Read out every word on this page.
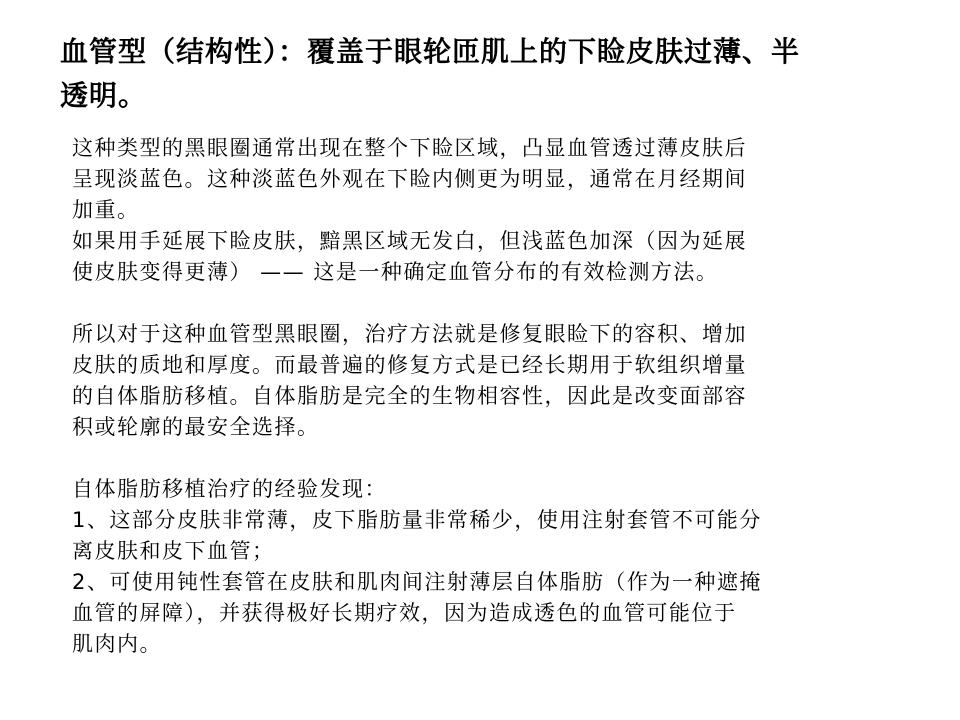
血管型（结构性）：覆盖于眼轮匝肌上的下睑皮肤过薄、半
透明。
这种类型的黑眼圈通常出现在整个下睑区域，凸显血管透过薄皮肤后
呈现淡蓝色。这种淡蓝色外观在下睑内侧更为明显，通常在月经期间
加重。
如果用手延展下睑皮肤，黯黑区域无发白，但浅蓝色加深（因为延展
使皮肤变得更薄） —— 这是一种确定血管分布的有效检测方法。
所以对于这种血管型黑眼圈，治疗方法就是修复眼睑下的容积、增加
皮肤的质地和厚度。而最普遍的修复方式是已经长期用于软组织增量
的自体脂肪移植。自体脂肪是完全的生物相容性，因此是改变面部容
积或轮廓的最安全选择。
自体脂肪移植治疗的经验发现：
1、这部分皮肤非常薄，皮下脂肪量非常稀少，使用注射套管不可能分
离皮肤和皮下血管；
2、可使用钝性套管在皮肤和肌肉间注射薄层自体脂肪（作为一种遮掩
血管的屏障），并获得极好长期疗效，因为造成透色的血管可能位于
肌肉内。
